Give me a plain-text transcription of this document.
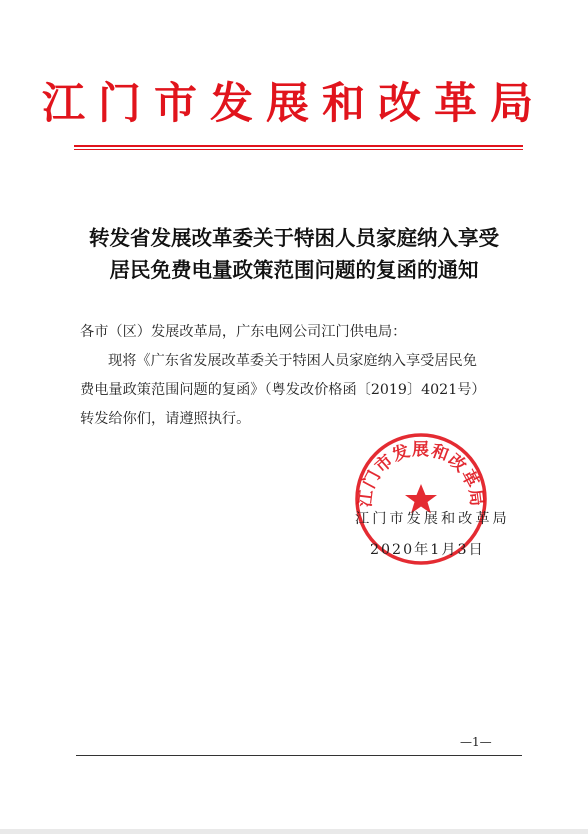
江门市发展和改革局
转发省发展改革委关于特困人员家庭纳入享受
居民免费电量政策范围问题的复函的通知
各市（区）发展改革局，广东电网公司江门供电局：
现将《广东省发展改革委关于特困人员家庭纳入享受居民免
费电量政策范围问题的复函》（粤发改价格函〔2019〕4021号）
转发给你们，请遵照执行。
江门市发展和改革局
江门市发展和改革局
2020年1月3日
—1—
